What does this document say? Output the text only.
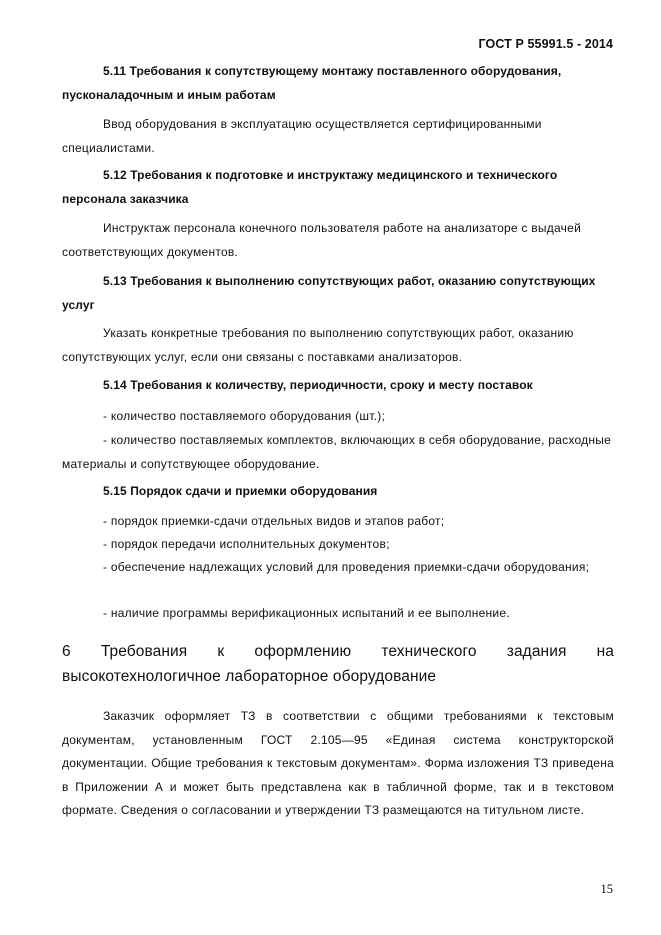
ГОСТ Р 55991.5 - 2014
5.11 Требования к сопутствующему монтажу поставленного оборудования, пусконаладочным и иным работам
Ввод оборудования в эксплуатацию осуществляется сертифицированными специалистами.
5.12 Требования к подготовке и инструктажу медицинского и технического персонала заказчика
Инструктаж персонала конечного пользователя работе на анализаторе с выдачей соответствующих документов.
5.13 Требования к выполнению сопутствующих работ, оказанию сопутствующих услуг
Указать конкретные требования по выполнению сопутствующих работ, оказанию сопутствующих услуг, если они связаны с поставками анализаторов.
5.14 Требования к количеству, периодичности, сроку и месту поставок
- количество поставляемого оборудования (шт.);
- количество поставляемых комплектов, включающих в себя оборудование, расходные материалы и сопутствующее оборудование.
5.15 Порядок сдачи и приемки оборудования
- порядок приемки-сдачи отдельных видов и этапов работ;
- порядок передачи исполнительных документов;
- обеспечение надлежащих условий для проведения приемки-сдачи оборудования;
- наличие программы верификационных испытаний и ее выполнение.
6 Требования к оформлению технического задания на
высокотехнологичное лабораторное оборудование
Заказчик оформляет ТЗ в соответствии с общими требованиями к текстовым документам, установленным ГОСТ 2.105—95 «Единая система конструкторской документации. Общие требования к текстовым документам». Форма изложения ТЗ приведена в Приложении А и может быть представлена как в табличной форме, так и в текстовом формате. Сведения о согласовании и утверждении ТЗ размещаются на титульном листе.
15
